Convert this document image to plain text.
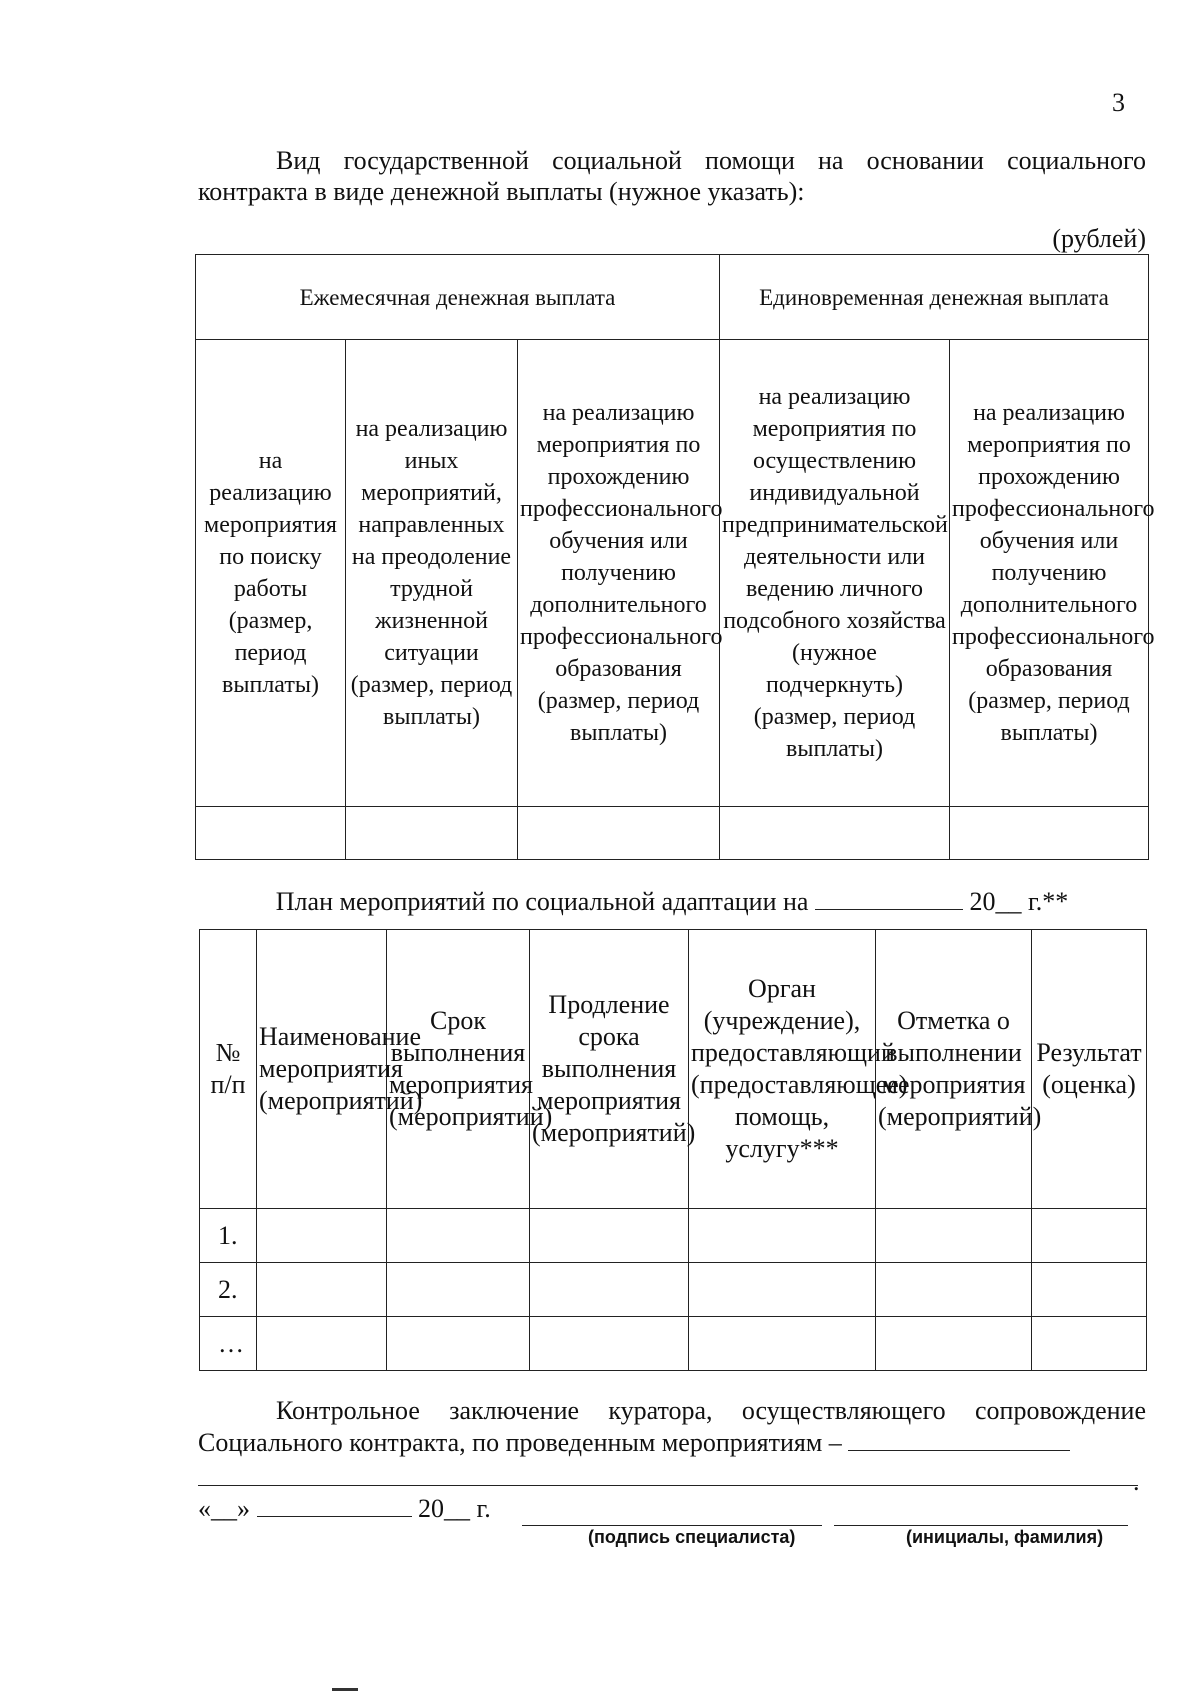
3
Вид государственной социальной помощи на основании социального контракта в виде денежной выплаты (нужное указать):
(рублей)
Ежемесячная денежная выплата			Единовременная денежная выплата	
на реализацию мероприятия по поиску работы (размер, период выплаты)	на реализацию иных мероприятий, направленных на преодоление трудной жизненной ситуации (размер, период выплаты)	на реализацию мероприятия по прохождению профессионального обучения или получению дополнительного профессионального образования (размер, период выплаты)	на реализацию мероприятия по осуществлению индивидуальной предпринимательской деятельности или ведению личного подсобного хозяйства (нужное подчеркнуть) (размер, период выплаты)	на реализацию мероприятия по прохождению профессионального обучения или получению дополнительного профессионального образования (размер, период выплаты)

План мероприятий по социальной адаптации на	20__ г.**
№ п/п	Наименование мероприятия (мероприятий)	Срок выполнения мероприятия (мероприятий)	Продление срока выполнения мероприятия (мероприятий)	Орган (учреждение), предоставляющий (предоставляющее) помощь, услугу***	Отметка о выполнении мероприятия (мероприятий)	Результат (оценка)
1.						
2.						
…						
Контрольное заключение куратора, осуществляющего сопровождение Социального контракта, по проведенным мероприятиям –
.
«__»	20__ г.
(подпись специалиста)	(инициалы, фамилия)
